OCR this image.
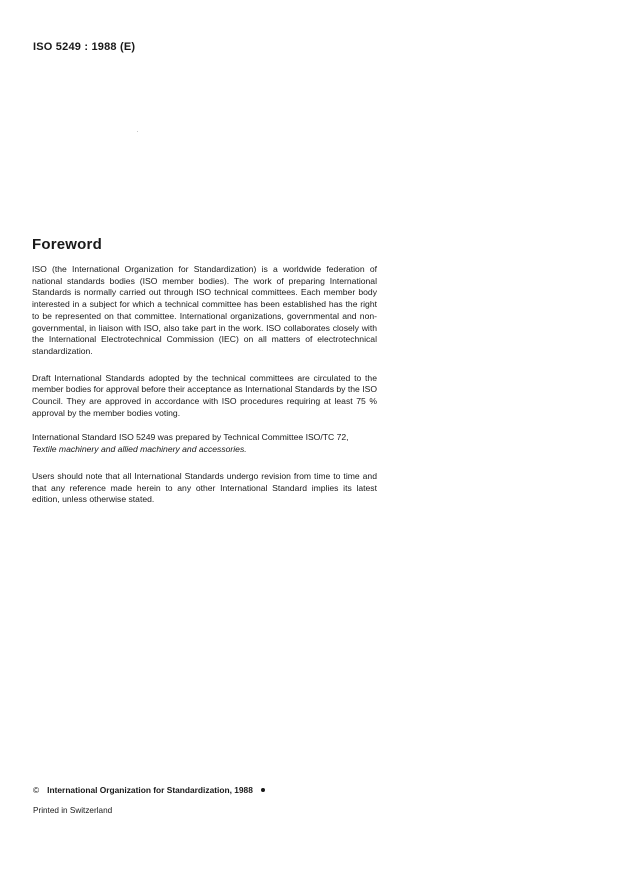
ISO 5249 : 1988 (E)
Foreword

ISO (the International Organization for Standardization) is a worldwide federation of national standards bodies (ISO member bodies). The work of preparing International Standards is normally carried out through ISO technical committees. Each member body interested in a subject for which a technical committee has been established has the right to be represented on that committee. International organizations, governmental and non-governmental, in liaison with ISO, also take part in the work. ISO collaborates closely with the International Electrotechnical Commission (IEC) on all matters of electrotechnical standardization.

Draft International Standards adopted by the technical committees are circulated to the member bodies for approval before their acceptance as International Standards by the ISO Council. They are approved in accordance with ISO procedures requiring at least 75 % approval by the member bodies voting.

International Standard ISO 5249 was prepared by Technical Committee ISO/TC 72,
Textile machinery and allied machinery and accessories.

Users should note that all International Standards undergo revision from time to time and that any reference made herein to any other International Standard implies its latest edition, unless otherwise stated.

© International Organization for Standardization, 1988
Printed in Switzerland
